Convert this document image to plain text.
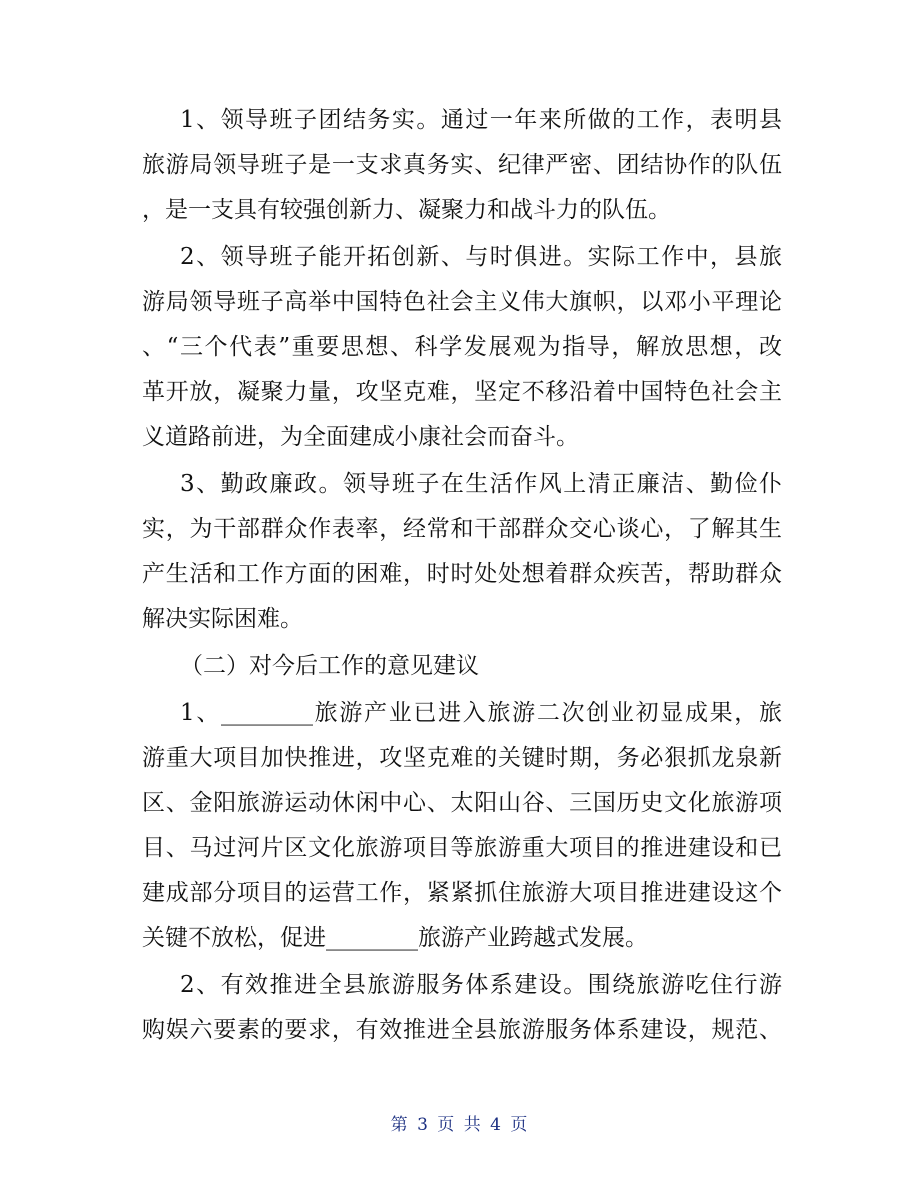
1、领导班子团结务实。通过一年来所做的工作，表明县
旅游局领导班子是一支求真务实、纪律严密、团结协作的队伍
，是一支具有较强创新力、凝聚力和战斗力的队伍。
2、领导班子能开拓创新、与时俱进。实际工作中，县旅
游局领导班子高举中国特色社会主义伟大旗帜，以邓小平理论
、“三个代表”重要思想、科学发展观为指导，解放思想，改
革开放，凝聚力量，攻坚克难，坚定不移沿着中国特色社会主
义道路前进，为全面建成小康社会而奋斗。
3、勤政廉政。领导班子在生活作风上清正廉洁、勤俭仆
实，为干部群众作表率，经常和干部群众交心谈心，了解其生
产生活和工作方面的困难，时时处处想着群众疾苦，帮助群众
解决实际困难。
（二）对今后工作的意见建议
1、________旅游产业已进入旅游二次创业初显成果，旅
游重大项目加快推进，攻坚克难的关键时期，务必狠抓龙泉新
区、金阳旅游运动休闲中心、太阳山谷、三国历史文化旅游项
目、马过河片区文化旅游项目等旅游重大项目的推进建设和已
建成部分项目的运营工作，紧紧抓住旅游大项目推进建设这个
关键不放松，促进________旅游产业跨越式发展。
2、有效推进全县旅游服务体系建设。围绕旅游吃住行游
购娱六要素的要求，有效推进全县旅游服务体系建设，规范、
第 3 页 共 4 页
